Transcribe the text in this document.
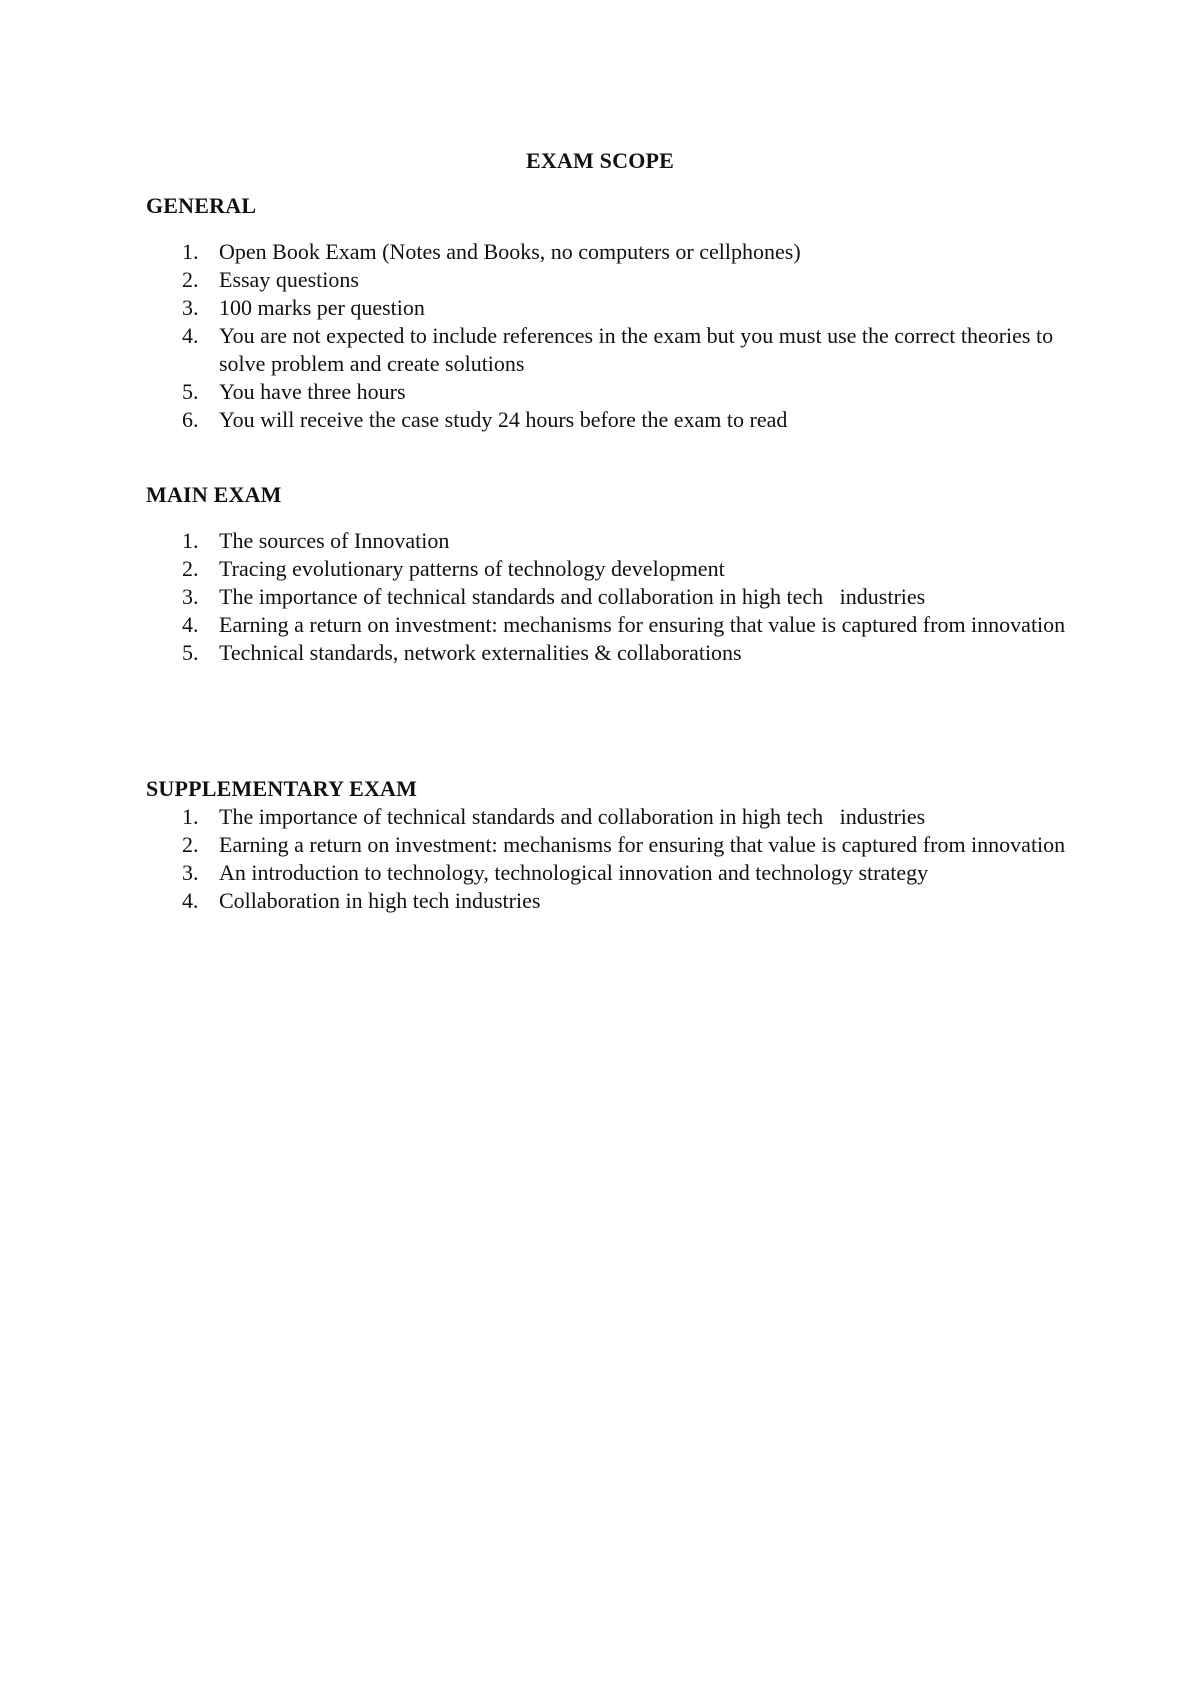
EXAM SCOPE
GENERAL
1. Open Book Exam (Notes and Books, no computers or cellphones)
2. Essay questions
3. 100 marks per question
4. You are not expected to include references in the exam but you must use the correct theories to solve problem and create solutions
5. You have three hours
6. You will receive the case study 24 hours before the exam to read
MAIN EXAM
1. The sources of Innovation
2. Tracing evolutionary patterns of technology development
3. The importance of technical standards and collaboration in high tech   industries
4. Earning a return on investment: mechanisms for ensuring that value is captured from innovation
5. Technical standards, network externalities & collaborations
SUPPLEMENTARY EXAM
1. The importance of technical standards and collaboration in high tech   industries
2. Earning a return on investment: mechanisms for ensuring that value is captured from innovation
3. An introduction to technology, technological innovation and technology strategy
4. Collaboration in high tech industries
